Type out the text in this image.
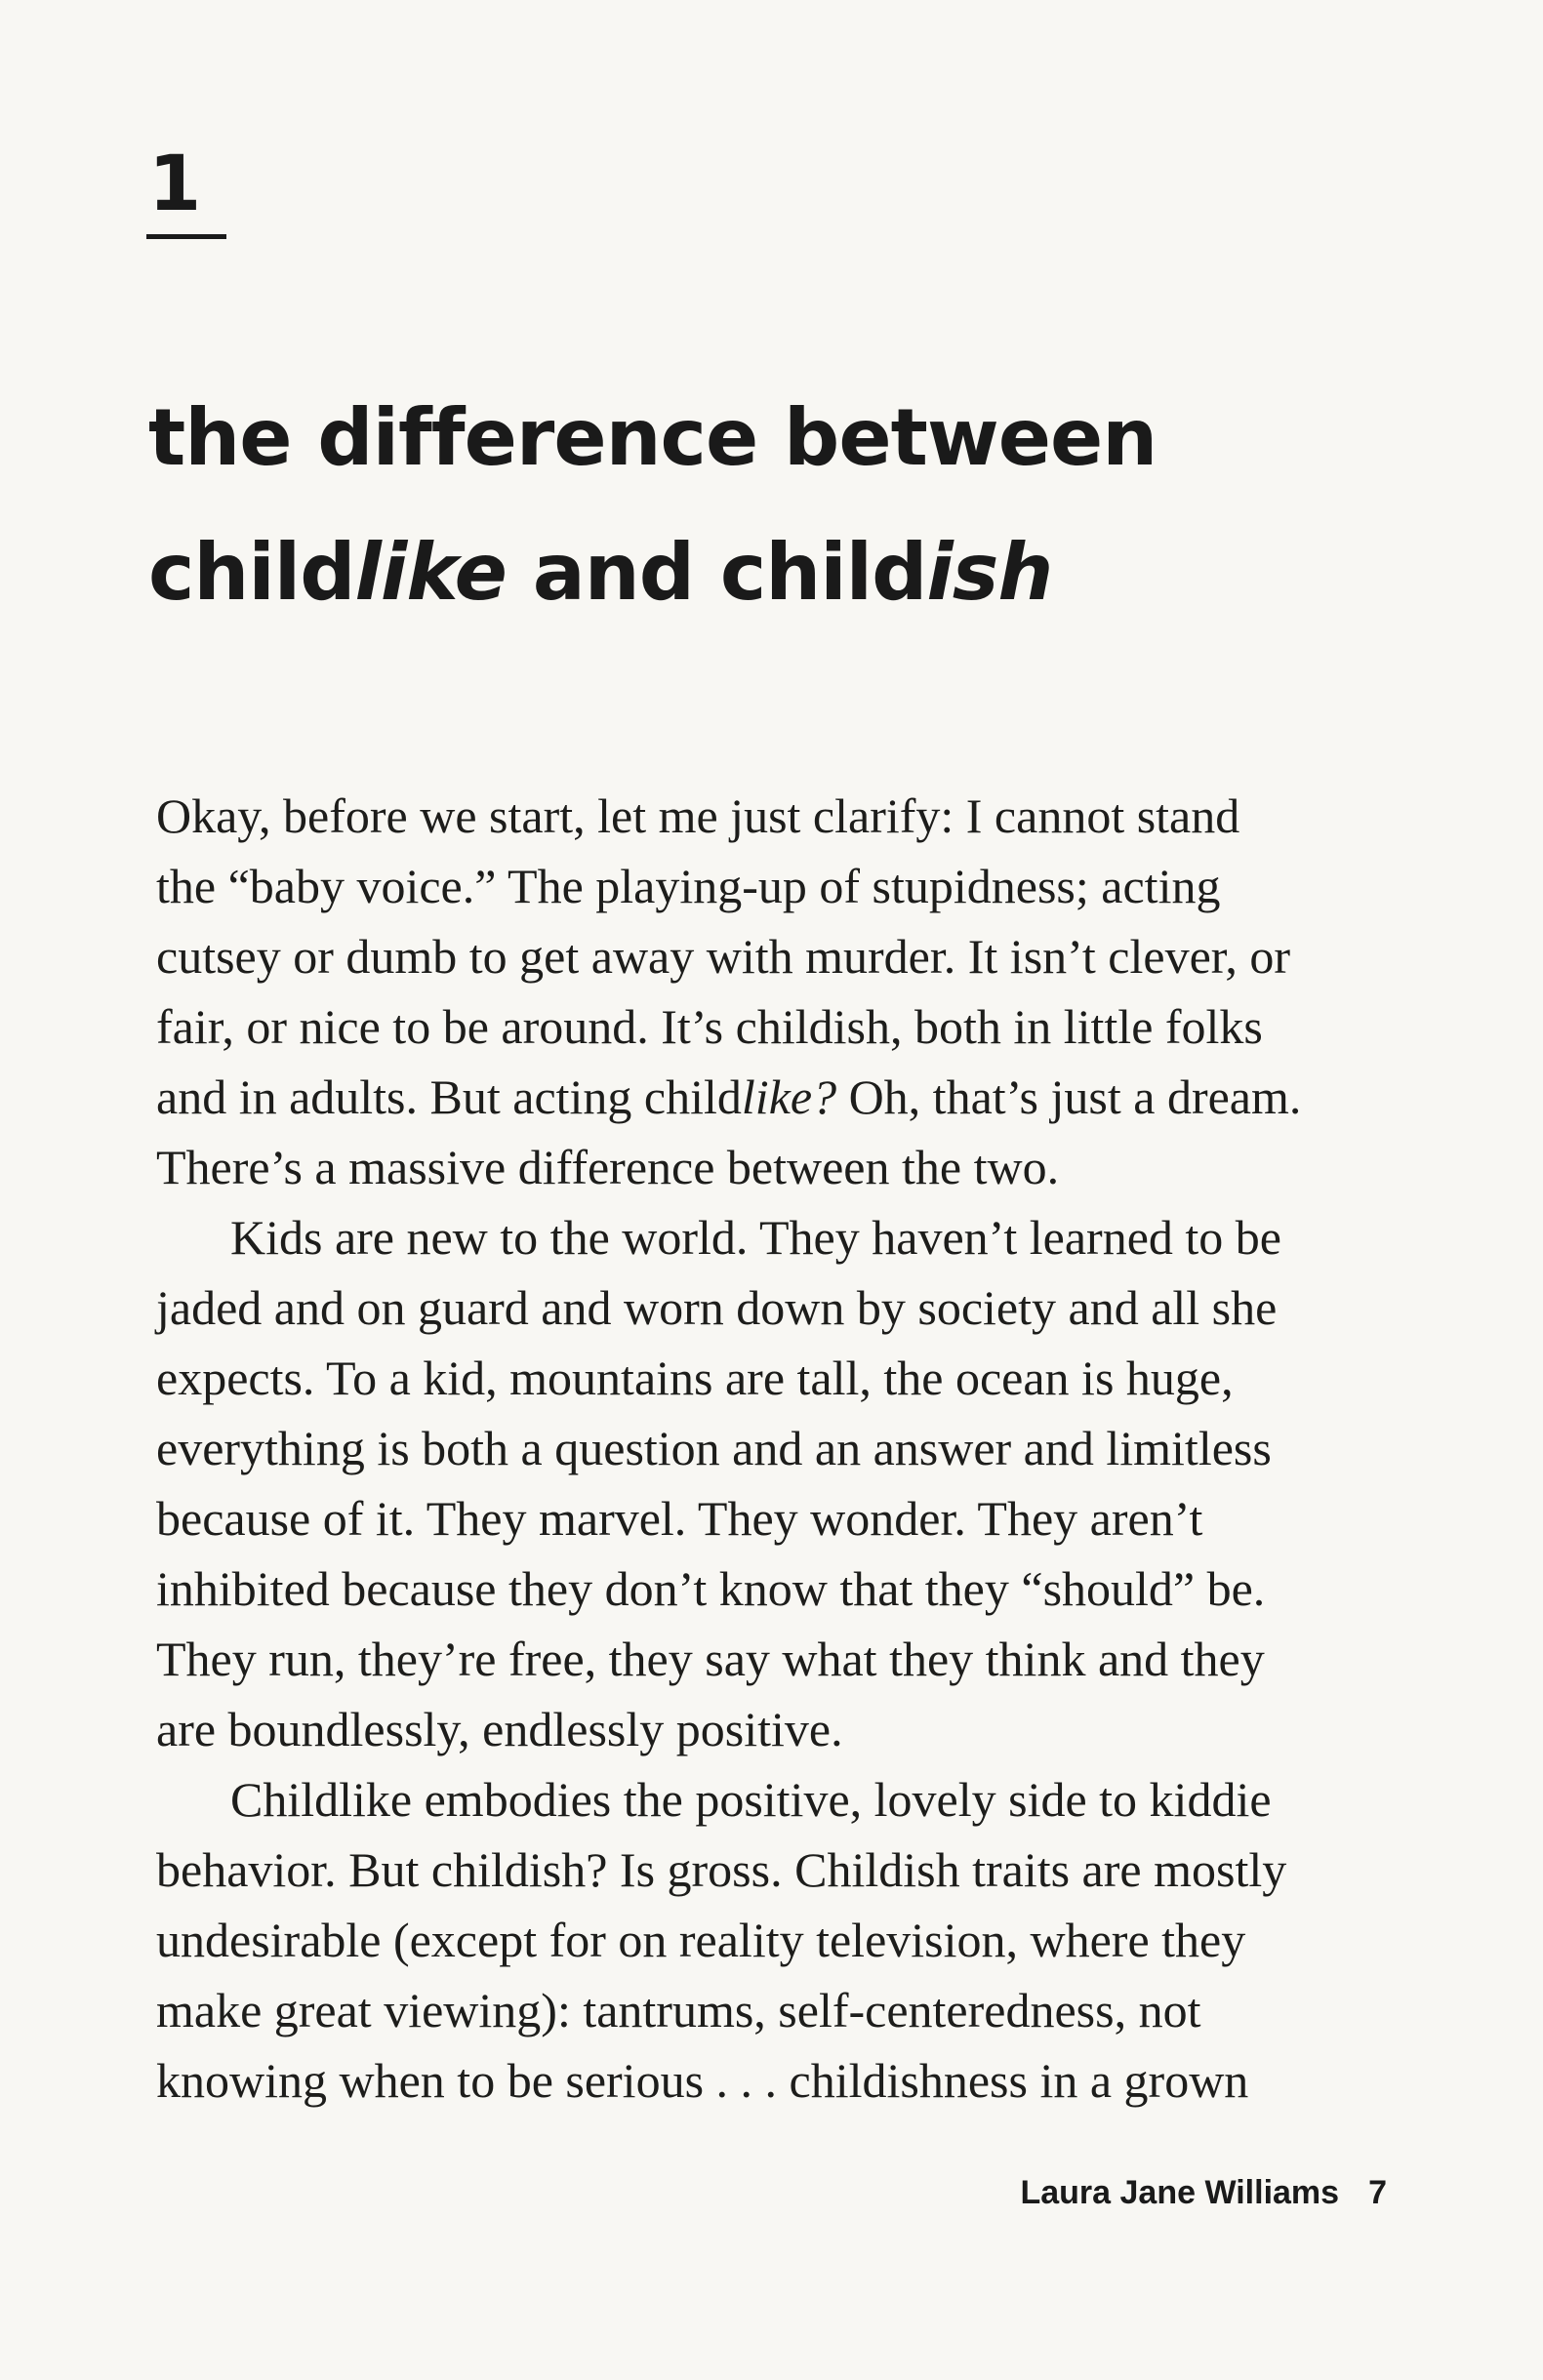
1
the difference between
childlike and childish
Okay, before we start, let me just clarify: I cannot stand
the “baby voice.” The playing-up of stupidness; acting
cutsey or dumb to get away with murder. It isn’t clever, or
fair, or nice to be around. It’s childish, both in little folks
and in adults. But acting childlike? Oh, that’s just a dream.
There’s a massive difference between the two.
Kids are new to the world. They haven’t learned to be
jaded and on guard and worn down by society and all she
expects. To a kid, mountains are tall, the ocean is huge,
everything is both a question and an answer and limitless
because of it. They marvel. They wonder. They aren’t
inhibited because they don’t know that they “should” be.
They run, they’re free, they say what they think and they
are boundlessly, endlessly positive.
Childlike embodies the positive, lovely side to kiddie
behavior. But childish? Is gross. Childish traits are mostly
undesirable (except for on reality television, where they
make great viewing): tantrums, self-centeredness, not
knowing when to be serious . . . childishness in a grown
Laura Jane Williams 7
